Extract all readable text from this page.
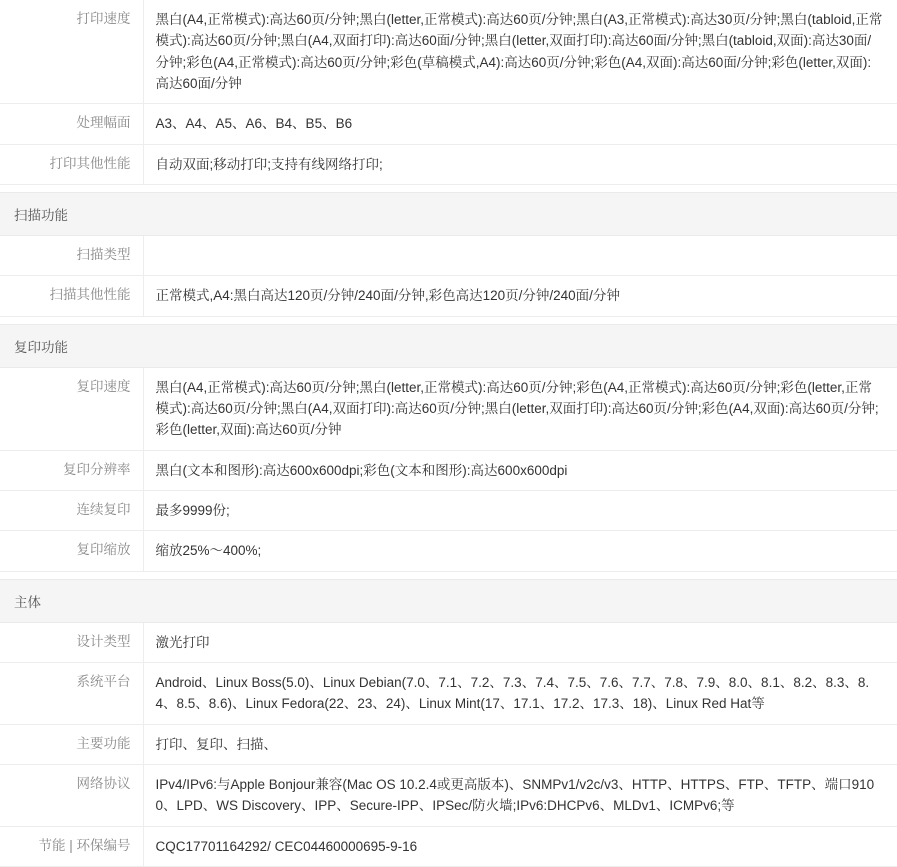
打印速度	黑白(A4,正常模式):高达60页/分钟;黑白(letter,正常模式):高达60页/分钟;黑白(A3,正常模式):高达30页/分钟;黑白(tabloid,正常模式):高达60页/分钟;黑白(A4,双面打印):高达60面/分钟;黑白(letter,双面打印):高达60面/分钟;黑白(tabloid,双面):高达30面/分钟;彩色(A4,正常模式):高达60页/分钟;彩色(草稿模式,A4):高达60页/分钟;彩色(A4,双面):高达60面/分钟;彩色(letter,双面):高达60面/分钟
处理幅面	A3、A4、A5、A6、B4、B5、B6
打印其他性能	自动双面;移动打印;支持有线网络打印;

扫描功能	
扫描类型	
扫描其他性能	正常模式,A4:黑白高达120页/分钟/240面/分钟,彩色高达120页/分钟/240面/分钟

复印功能	
复印速度	黑白(A4,正常模式):高达60页/分钟;黑白(letter,正常模式):高达60页/分钟;彩色(A4,正常模式):高达60页/分钟;彩色(letter,正常模式):高达60页/分钟;黑白(A4,双面打印):高达60页/分钟;黑白(letter,双面打印):高达60页/分钟;彩色(A4,双面):高达60页/分钟;彩色(letter,双面):高达60页/分钟
复印分辨率	黑白(文本和图形):高达600x600dpi;彩色(文本和图形):高达600x600dpi
连续复印	最多9999份;
复印缩放	缩放25%～400%;

主体	
设计类型	激光打印
系统平台	Android、Linux Boss(5.0)、Linux Debian(7.0、7.1、7.2、7.3、7.4、7.5、7.6、7.7、7.8、7.9、8.0、8.1、8.2、8.3、8.4、8.5、8.6)、Linux Fedora(22、23、24)、Linux Mint(17、17.1、17.2、17.3、18)、Linux Red Hat等
主要功能	打印、复印、扫描、
网络协议	IPv4/IPv6:与Apple Bonjour兼容(Mac OS 10.2.4或更高版本)、SNMPv1/v2c/v3、HTTP、HTTPS、FTP、TFTP、端口9100、LPD、WS Discovery、IPP、Secure-IPP、IPSec/防火墙;IPv6:DHCPv6、MLDv1、ICMPv6;等
节能 | 环保编号	CQC17701164292/ CEC04460000695-9-16
